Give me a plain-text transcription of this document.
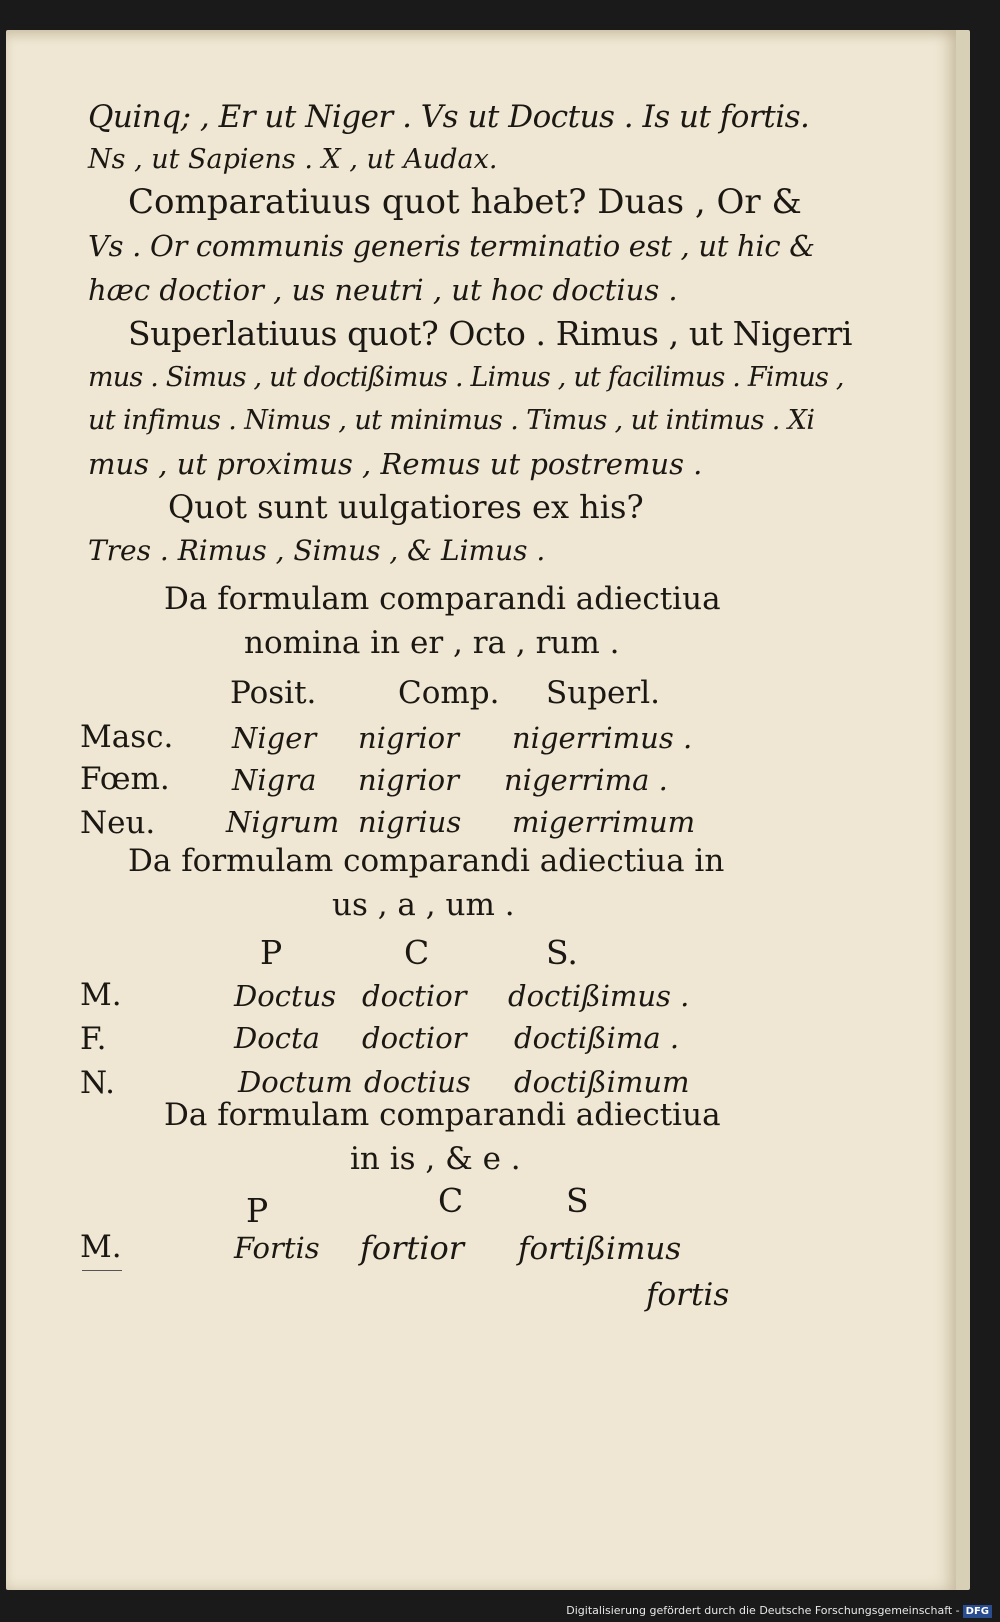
Quinq; , Er ut Niger . Vs ut Doctus . Is ut fortis.
Ns , ut Sapiens . X , ut Audax.
Comparatiuus quot habet? Duas , Or &
Vs . Or communis generis terminatio est , ut hic &
hæc doctior , us neutri , ut hoc doctius .
Superlatiuus quot? Octo . Rimus , ut Nigerri
mus . Simus , ut doctißimus . Limus , ut facilimus . Fimus ,
ut infimus . Nimus , ut minimus . Timus , ut intimus . Xi
mus , ut proximus , Remus ut postremus .
Quot sunt uulgatiores ex his?
Tres . Rimus , Simus , & Limus .
Da formulam comparandi adiectiua
nomina in er , ra , rum .
Posit.	Comp. Superl.
Masc. Niger nigrior nigerrimus .
Fœm. Nigra nigrior nigerrima .
Neu. Nigrum nigrius migerrimum
Da formulam comparandi adiectiua in
us , a , um .
P	C	S.
M.	Doctus doctior doctißimus .
F.	Docta doctior doctißima .
N.	Doctum doctius doctißimum
Da formulam comparandi adiectiua
in is , & e .
P	C	S
M.	Fortis fortior fortißimus
fortis
Digitalisierung gefördert durch die Deutsche Forschungsgemeinschaft - DFG
